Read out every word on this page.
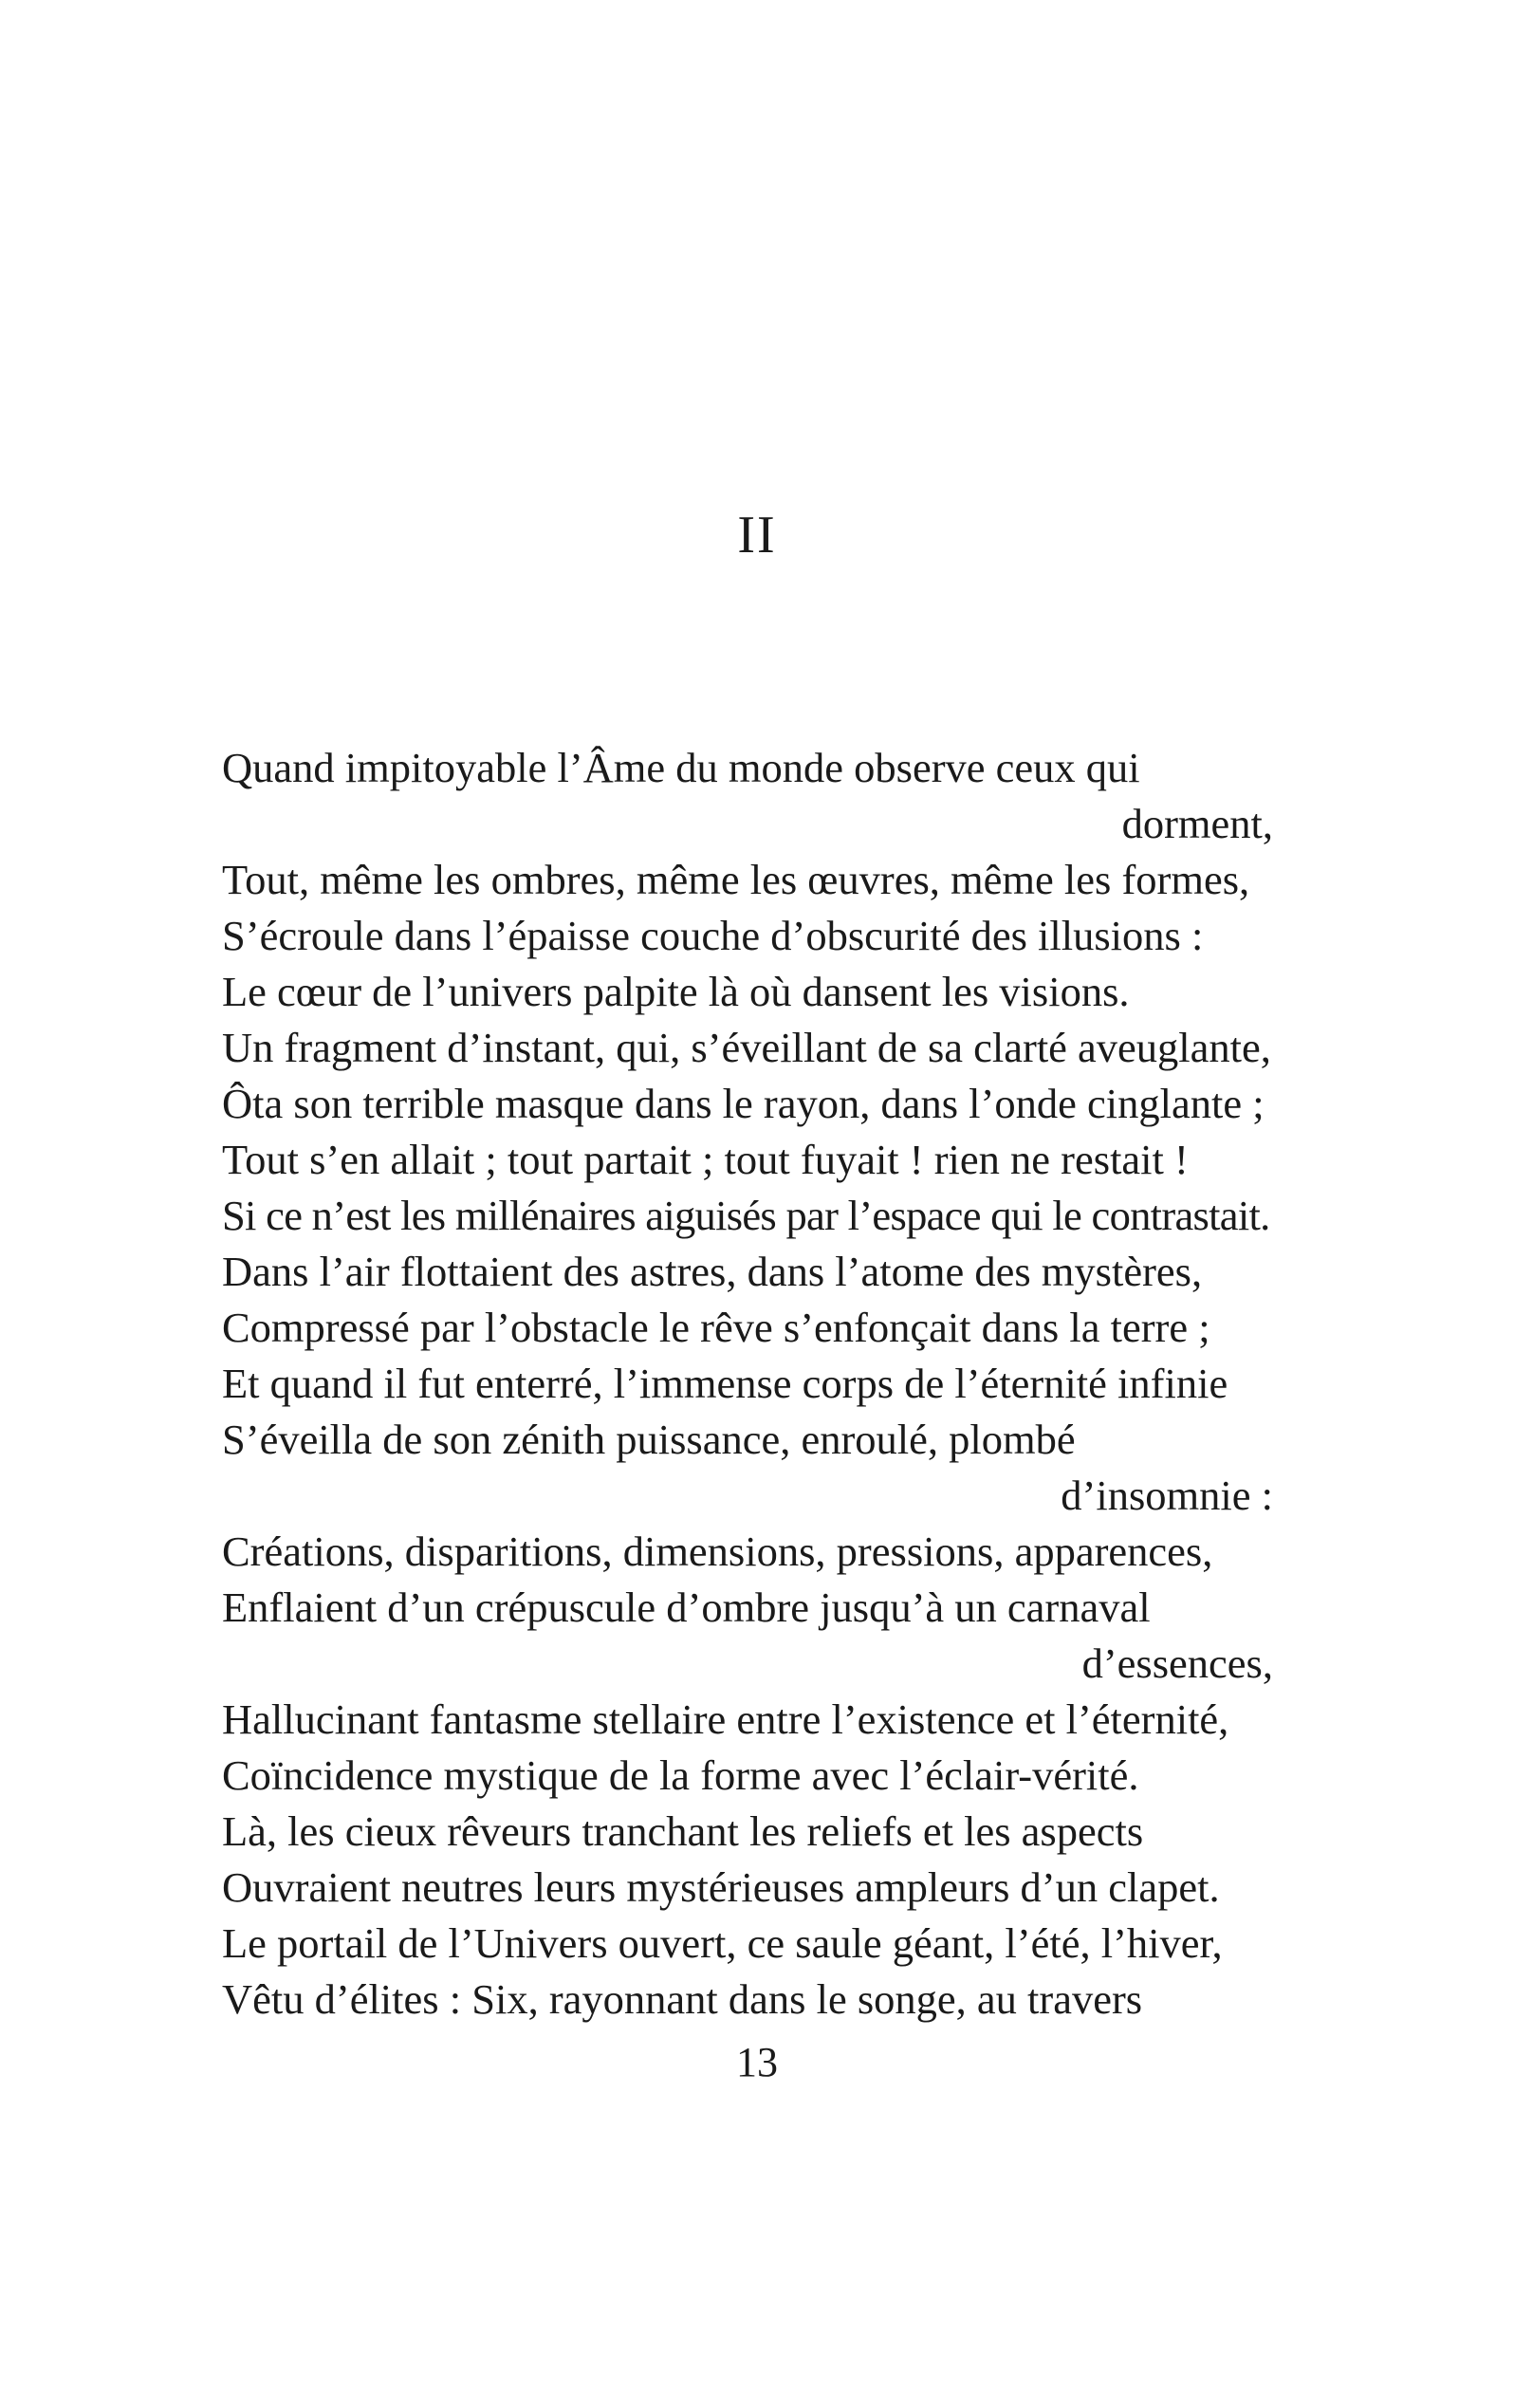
II
Quand impitoyable l’Âme du monde observe ceux qui
dorment,
Tout, même les ombres, même les œuvres, même les formes,
S’écroule dans l’épaisse couche d’obscurité des illusions :
Le cœur de l’univers palpite là où dansent les visions.
Un fragment d’instant, qui, s’éveillant de sa clarté aveuglante,
Ôta son terrible masque dans le rayon, dans l’onde cinglante ;
Tout s’en allait ; tout partait ; tout fuyait ! rien ne restait !
Si ce n’est les millénaires aiguisés par l’espace qui le contrastait.
Dans l’air flottaient des astres, dans l’atome des mystères,
Compressé par l’obstacle le rêve s’enfonçait dans la terre ;
Et quand il fut enterré, l’immense corps de l’éternité infinie
S’éveilla de son zénith puissance, enroulé, plombé
d’insomnie :
Créations, disparitions, dimensions, pressions, apparences,
Enflaient d’un crépuscule d’ombre jusqu’à un carnaval
d’essences,
Hallucinant fantasme stellaire entre l’existence et l’éternité,
Coïncidence mystique de la forme avec l’éclair-vérité.
Là, les cieux rêveurs tranchant les reliefs et les aspects
Ouvraient neutres leurs mystérieuses ampleurs d’un clapet.
Le portail de l’Univers ouvert, ce saule géant, l’été, l’hiver,
Vêtu d’élites : Six, rayonnant dans le songe, au travers
13
